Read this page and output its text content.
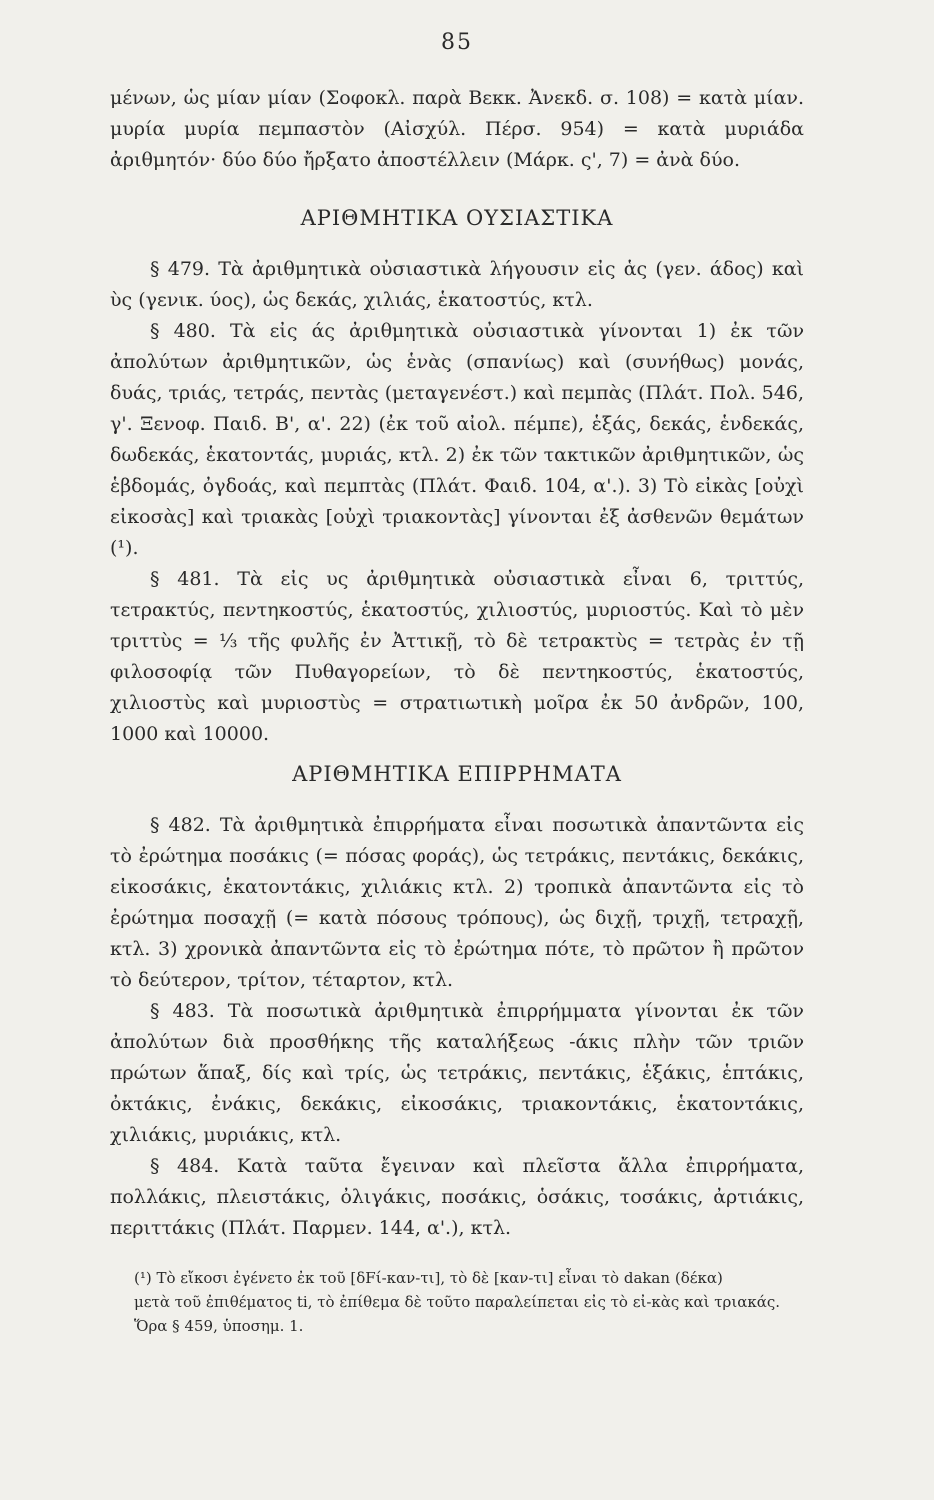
85

μένων, ὡς μίαν μίαν (Σοφοκλ. παρὰ Βεκκ. Ἀνεκδ. σ. 108) = κατὰ μίαν. μυρία μυρία πεμπαστὸν (Αἰσχύλ. Πέρσ. 954) = κατὰ μυριάδα ἀριθμητόν· δύο δύο ἤρξατο ἀποστέλλειν (Μάρκ. ς', 7) = ἀνὰ δύο.

ΑΡΙΘΜΗΤΙΚΑ ΟΥΣΙΑΣΤΙΚΑ

§ 479. Τὰ ἀριθμητικὰ οὐσιαστικὰ λήγουσιν εἰς ἁς (γεν. άδος) καὶ ὺς (γενικ. ύος), ὡς δεκάς, χιλιάς, ἑκατοστύς, κτλ.

§ 480. Τὰ εἰς άς ἀριθμητικὰ οὐσιαστικὰ γίνονται 1) ἐκ τῶν ἀπολύτων ἀριθμητικῶν, ὡς ἑνὰς (σπανίως) καὶ (συνήθως) μονάς, δυάς, τριάς, τετράς, πεντὰς (μεταγενέστ.) καὶ πεμπὰς (Πλάτ. Πολ. 546, γ'. Ξενοφ. Παιδ. Β', α'. 22) (ἐκ τοῦ αἰολ. πέμπε), ἑξάς, δεκάς, ἑνδεκάς, δωδεκάς, ἑκατοντάς, μυριάς, κτλ. 2) ἐκ τῶν τακτικῶν ἀριθμητικῶν, ὡς ἑβδομάς, ὀγδοάς, καὶ πεμπτὰς (Πλάτ. Φαιδ. 104, α'.). 3) Τὸ εἰκὰς [οὐχὶ εἰκοσὰς] καὶ τριακὰς [οὐχὶ τριακοντὰς] γίνονται ἐξ ἀσθενῶν θεμάτων (¹).

§ 481. Τὰ εἰς υς ἀριθμητικὰ οὐσιαστικὰ εἶναι 6, τριττύς, τετρακτύς, πεντηκοστύς, ἑκατοστύς, χιλιοστύς, μυριοστύς. Καὶ τὸ μὲν τριττὺς = ⅓ τῆς φυλῆς ἐν Ἀττικῇ, τὸ δὲ τετρακτὺς = τετρὰς ἐν τῇ φιλοσοφίᾳ τῶν Πυθαγορείων, τὸ δὲ πεντηκοστύς, ἑκατοστύς, χιλιοστὺς καὶ μυριοστὺς = στρατιωτικὴ μοῖρα ἐκ 50 ἀνδρῶν, 100, 1000 καὶ 10000.

ΑΡΙΘΜΗΤΙΚΑ ΕΠΙΡΡΗΜΑΤΑ

§ 482. Τὰ ἀριθμητικὰ ἐπιρρήματα εἶναι ποσωτικὰ ἀπαντῶντα εἰς τὸ ἐρώτημα ποσάκις (= πόσας φοράς), ὡς τετράκις, πεντάκις, δεκάκις, εἰκοσάκις, ἑκατοντάκις, χιλιάκις κτλ. 2) τροπικὰ ἀπαντῶντα εἰς τὸ ἐρώτημα ποσαχῇ (= κατὰ πόσους τρόπους), ὡς διχῇ, τριχῇ, τετραχῇ, κτλ. 3) χρονικὰ ἀπαντῶντα εἰς τὸ ἐρώτημα πότε, τὸ πρῶτον ἢ πρῶτον τὸ δεύτερον, τρίτον, τέταρτον, κτλ.

§ 483. Τὰ ποσωτικὰ ἀριθμητικὰ ἐπιρρήμματα γίνονται ἐκ τῶν ἀπολύτων διὰ προσθήκης τῆς καταλήξεως -άκις πλὴν τῶν τριῶν πρώτων ἅπαξ, δίς καὶ τρίς, ὡς τετράκις, πεντάκις, ἑξάκις, ἑπτάκις, ὀκτάκις, ἐνάκις, δεκάκις, εἰκοσάκις, τριακοντάκις, ἑκατοντάκις, χιλιάκις, μυριάκις, κτλ.

§ 484. Κατὰ ταῦτα ἔγειναν καὶ πλεῖστα ἄλλα ἐπιρρήματα, πολλάκις, πλειστάκις, ὀλιγάκις, ποσάκις, ὁσάκις, τοσάκις, ἀρτιάκις, περιττάκις (Πλάτ. Παρμεν. 144, α'.), κτλ.

(¹) Τὸ εἴκοσι ἐγένετο ἐκ τοῦ [δFί-καν-τι], τὸ δὲ [καν-τι] εἶναι τὸ dakan (δέκα)

μετὰ τοῦ ἐπιθέματος ti, τὸ ἐπίθεμα δὲ τοῦτο παραλείπεται εἰς τὸ εἰ-κὰς καὶ τριακάς.

Ὅρα § 459, ὑποσημ. 1.
